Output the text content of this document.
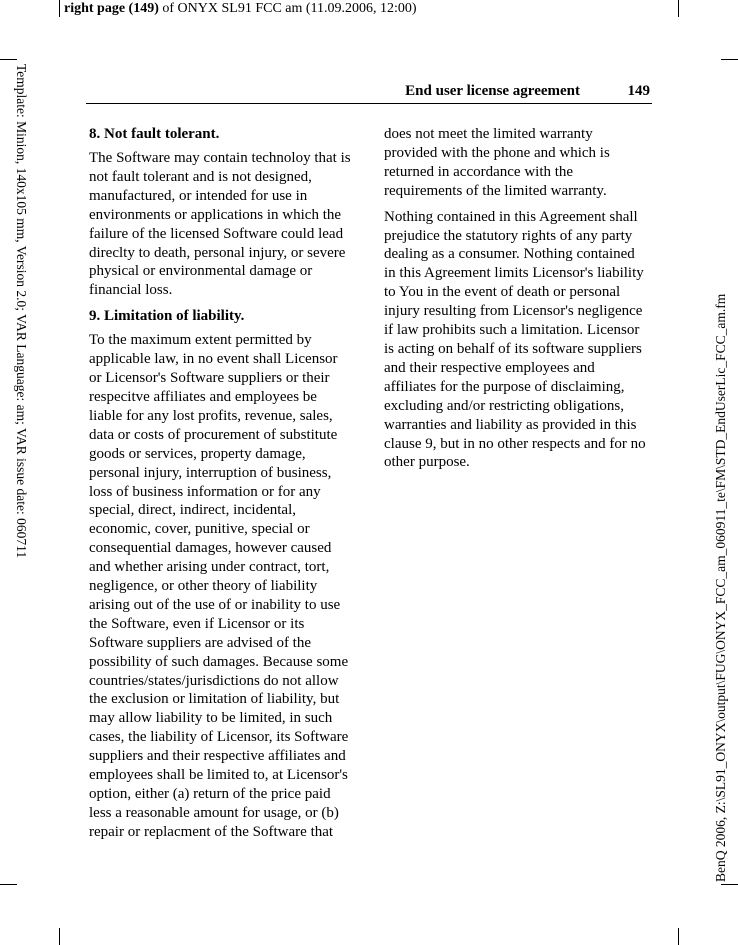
right page (149) of ONYX SL91 FCC am (11.09.2006, 12:00)
Template: Minion, 140x105 mm, Version 2.0; VAR Language: am; VAR issue date: 060711	BenQ 2006, Z:\SL91_ONYX\output\FUG\ONYX_FCC_am_060911_te\FM\STD_EndUserLic_FCC_am.fm
End user license agreement	149
8. Not fault tolerant.

The Software may contain technoloy that is not fault tolerant and is not designed, manufactured, or intended for use in environments or applications in which the failure of the licensed Software could lead direclty to death, personal injury, or severe physical or environmental damage or financial loss.

9. Limitation of liability.

To the maximum extent permitted by applicable law, in no event shall Licensor or Licensor's Software suppliers or their respecitve affiliates and employees be liable for any lost profits, revenue, sales, data or costs of procurement of substitute goods or services, property damage, personal injury, interruption of business, loss of business information or for any special, direct, indirect, incidental, economic, cover, punitive, special or consequential damages, however caused and whether arising under contract, tort, negligence, or other theory of liability arising out of the use of or inability to use the Software, even if Licensor or its Software suppliers are advised of the possibility of such damages. Because some countries/states/jurisdictions do not allow the exclusion or limitation of liability, but may allow liability to be limited, in such cases, the liability of Licensor, its Software suppliers and their respective affiliates and employees shall be limited to, at Licensor's option, either (a) return of the price paid less a reasonable amount for usage, or (b) repair or replacment of the Software that

does not meet the limited warranty provided with the phone and which is returned in accordance with the requirements of the limited warranty.

Nothing contained in this Agreement shall prejudice the statutory rights of any party dealing as a consumer. Nothing contained in this Agreement limits Licensor's liability to You in the event of death or personal injury resulting from Licensor's negligence if law prohibits such a limitation. Licensor is acting on behalf of its software suppliers and their respective employees and affiliates for the purpose of disclaiming, excluding and/or restricting obligations, warranties and liability as provided in this clause 9, but in no other respects and for no other purpose.
